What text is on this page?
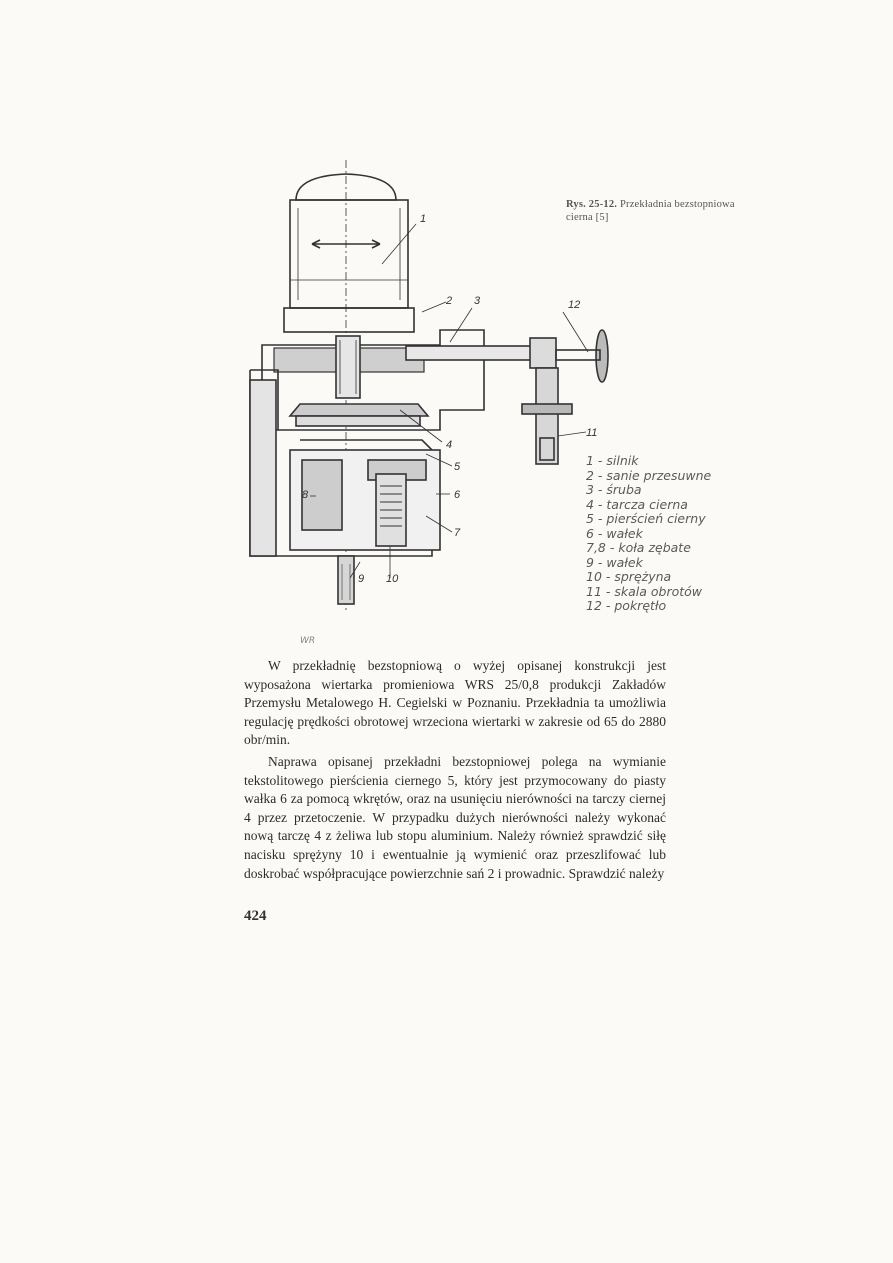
Rys. 25-12. Przekładnia bezstopniowa cierna [5]
1
2 3
4
5
6
7
8
9 10
11
12
1 - silnik
2 - sanie przesuwne
3 - śruba
4 - tarcza cierna
5 - pierścień cierny
6 - wałek
7,8 - koła zębate
9 - wałek
10 - sprężyna
11 - skala obrotów
12 - pokrętło
WR

W przekładnię bezstopniową o wyżej opisanej konstrukcji jest wyposażona wiertarka promieniowa WRS 25/0,8 produkcji Zakładów Przemysłu Metalowego H. Cegielski w Poznaniu. Przekładnia ta umożliwia regulację prędkości obrotowej wrzeciona wiertarki w zakresie od 65 do 2880 obr/min.

Naprawa opisanej przekładni bezstopniowej polega na wymianie tekstolitowego pierścienia ciernego 5, który jest przymocowany do piasty wałka 6 za pomocą wkrętów, oraz na usunięciu nierówności na tarczy ciernej 4 przez przetoczenie. W przypadku dużych nierówności należy wykonać nową tarczę 4 z żeliwa lub stopu aluminium. Należy również sprawdzić siłę nacisku sprężyny 10 i ewentualnie ją wymienić oraz przeszlifować lub doskrobać współpracujące powierzchnie sań 2 i prowadnic. Sprawdzić należy

424
